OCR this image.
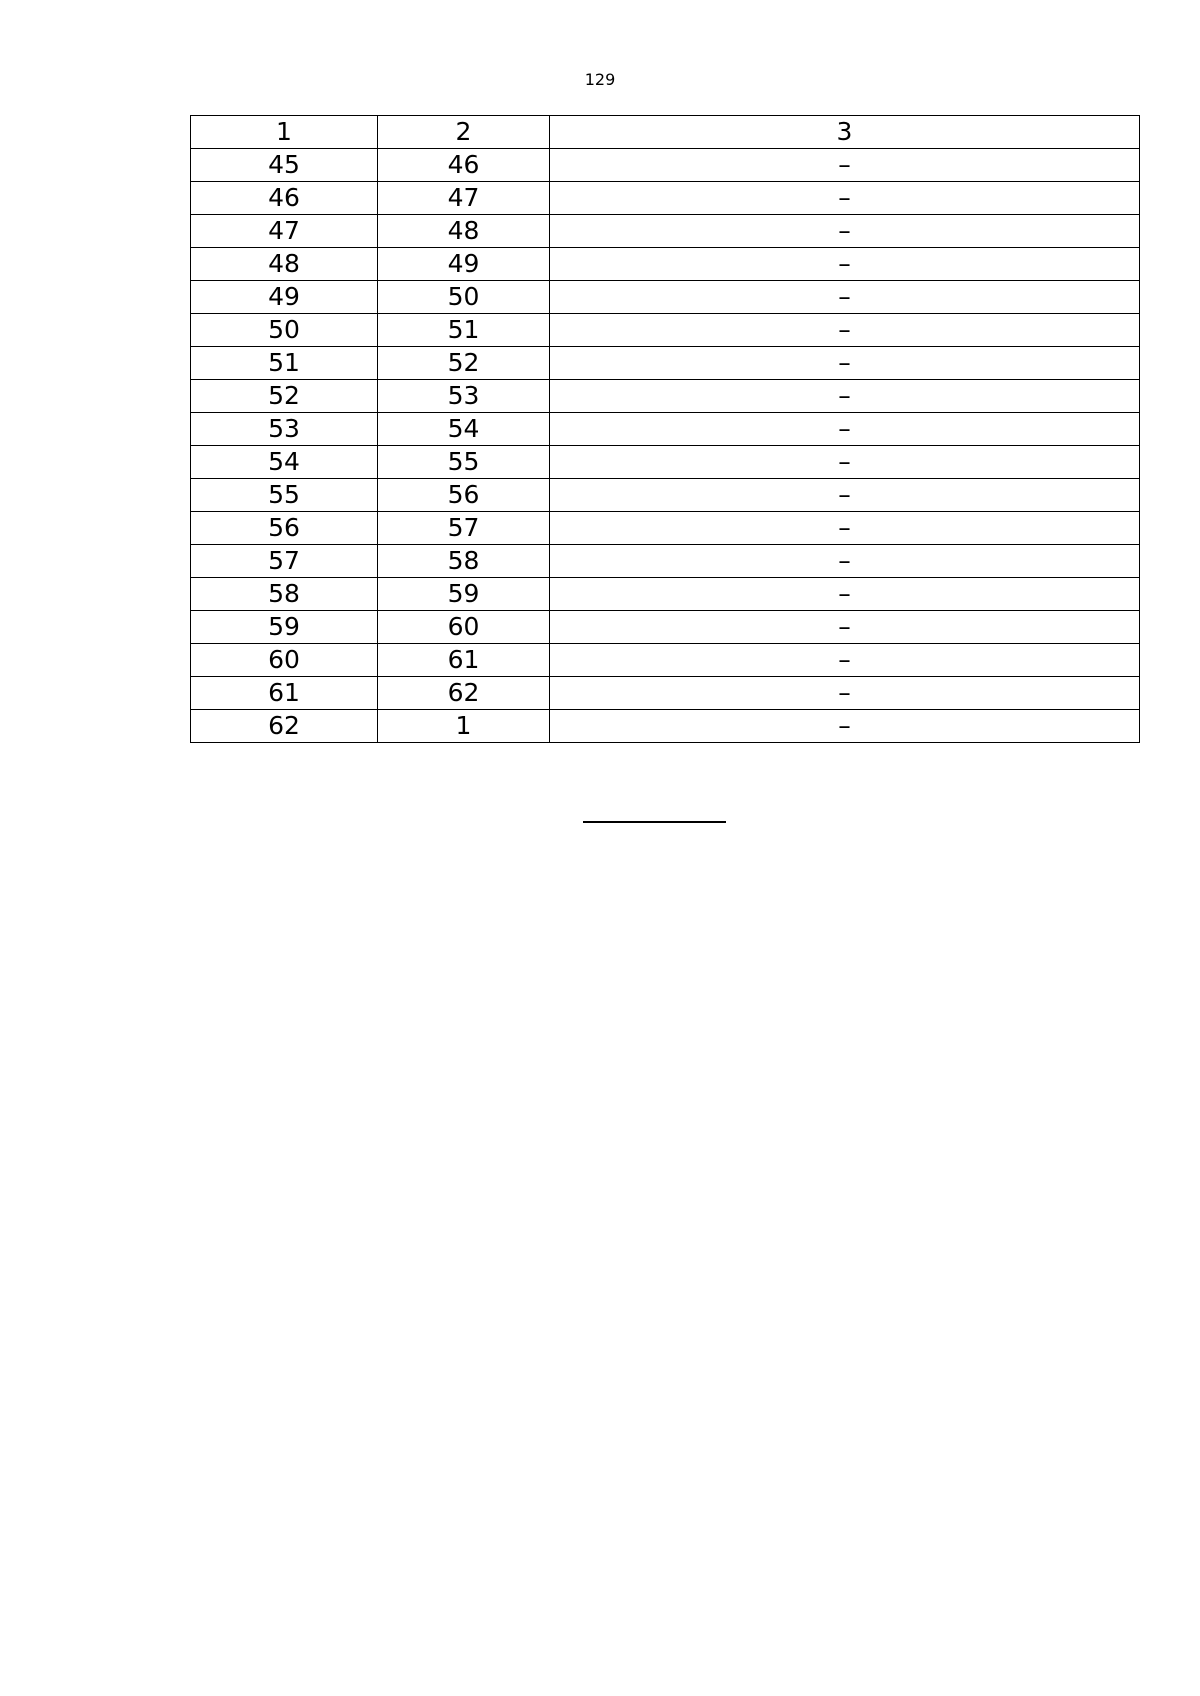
129
1	2	3
45	46	–
46	47	–
47	48	–
48	49	–
49	50	–
50	51	–
51	52	–
52	53	–
53	54	–
54	55	–
55	56	–
56	57	–
57	58	–
58	59	–
59	60	–
60	61	–
61	62	–
62	1	–
